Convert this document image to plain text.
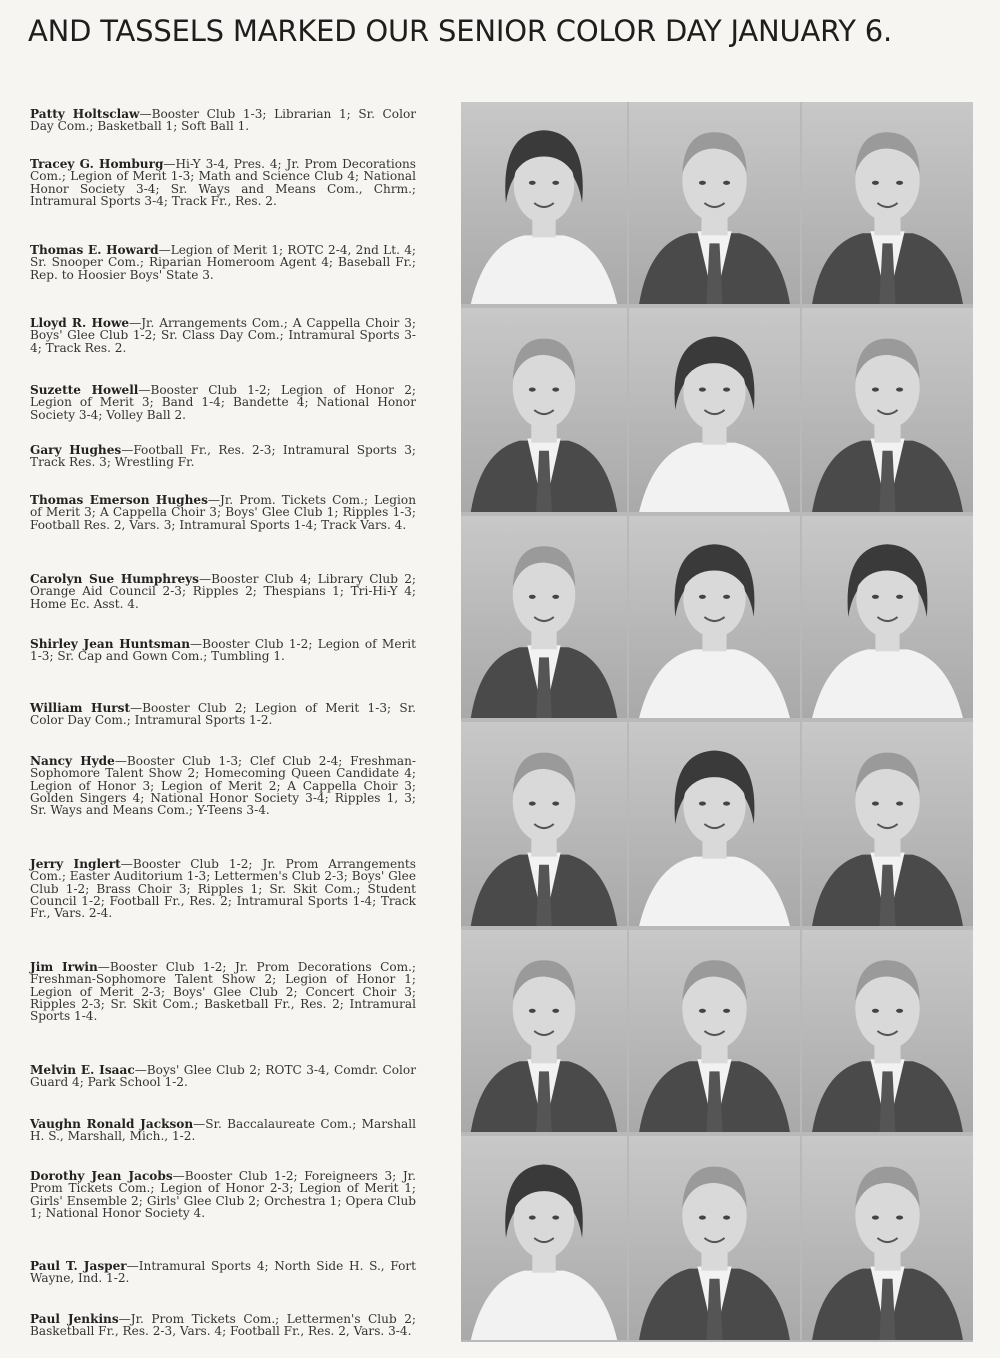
AND TASSELS MARKED OUR SENIOR COLOR DAY JANUARY 6.

Patty Holtsclaw—Booster Club 1-3; Librarian 1; Sr. Color Day Com.; Basketball 1; Soft Ball 1.

Tracey G. Homburg—Hi-Y 3-4, Pres. 4; Jr. Prom Decorations Com.; Legion of Merit 1-3; Math and Science Club 4; National Honor Society 3-4; Sr. Ways and Means Com., Chrm.; Intramural Sports 3-4; Track Fr., Res. 2.

Thomas E. Howard—Legion of Merit 1; ROTC 2-4, 2nd Lt. 4; Sr. Snooper Com.; Riparian Homeroom Agent 4; Baseball Fr.; Rep. to Hoosier Boys' State 3.

Lloyd R. Howe—Jr. Arrangements Com.; A Cappella Choir 3; Boys' Glee Club 1-2; Sr. Class Day Com.; Intramural Sports 3-4; Track Res. 2.

Suzette Howell—Booster Club 1-2; Legion of Honor 2; Legion of Merit 3; Band 1-4; Bandette 4; National Honor Society 3-4; Volley Ball 2.

Gary Hughes—Football Fr., Res. 2-3; Intramural Sports 3; Track Res. 3; Wrestling Fr.

Thomas Emerson Hughes—Jr. Prom. Tickets Com.; Legion of Merit 3; A Cappella Choir 3; Boys' Glee Club 1; Ripples 1-3; Football Res. 2, Vars. 3; Intramural Sports 1-4; Track Vars. 4.

Carolyn Sue Humphreys—Booster Club 4; Library Club 2; Orange Aid Council 2-3; Ripples 2; Thespians 1; Tri-Hi-Y 4; Home Ec. Asst. 4.

Shirley Jean Huntsman—Booster Club 1-2; Legion of Merit 1-3; Sr. Cap and Gown Com.; Tumbling 1.

William Hurst—Booster Club 2; Legion of Merit 1-3; Sr. Color Day Com.; Intramural Sports 1-2.

Nancy Hyde—Booster Club 1-3; Clef Club 2-4; Freshman-Sophomore Talent Show 2; Homecoming Queen Candidate 4; Legion of Honor 3; Legion of Merit 2; A Cappella Choir 3; Golden Singers 4; National Honor Society 3-4; Ripples 1, 3; Sr. Ways and Means Com.; Y-Teens 3-4.

Jerry Inglert—Booster Club 1-2; Jr. Prom Arrangements Com.; Easter Auditorium 1-3; Lettermen's Club 2-3; Boys' Glee Club 1-2; Brass Choir 3; Ripples 1; Sr. Skit Com.; Student Council 1-2; Football Fr., Res. 2; Intramural Sports 1-4; Track Fr., Vars. 2-4.

Jim Irwin—Booster Club 1-2; Jr. Prom Decorations Com.; Freshman-Sophomore Talent Show 2; Legion of Honor 1; Legion of Merit 2-3; Boys' Glee Club 2; Concert Choir 3; Ripples 2-3; Sr. Skit Com.; Basketball Fr., Res. 2; Intramural Sports 1-4.

Melvin E. Isaac—Boys' Glee Club 2; ROTC 3-4, Comdr. Color Guard 4; Park School 1-2.

Vaughn Ronald Jackson—Sr. Baccalaureate Com.; Marshall H. S., Marshall, Mich., 1-2.

Dorothy Jean Jacobs—Booster Club 1-2; Foreigneers 3; Jr. Prom Tickets Com.; Legion of Honor 2-3; Legion of Merit 1; Girls' Ensemble 2; Girls' Glee Club 2; Orchestra 1; Opera Club 1; National Honor Society 4.

Paul T. Jasper—Intramural Sports 4; North Side H. S., Fort Wayne, Ind. 1-2.

Paul Jenkins—Jr. Prom Tickets Com.; Lettermen's Club 2; Basketball Fr., Res. 2-3, Vars. 4; Football Fr., Res. 2, Vars. 3-4.
